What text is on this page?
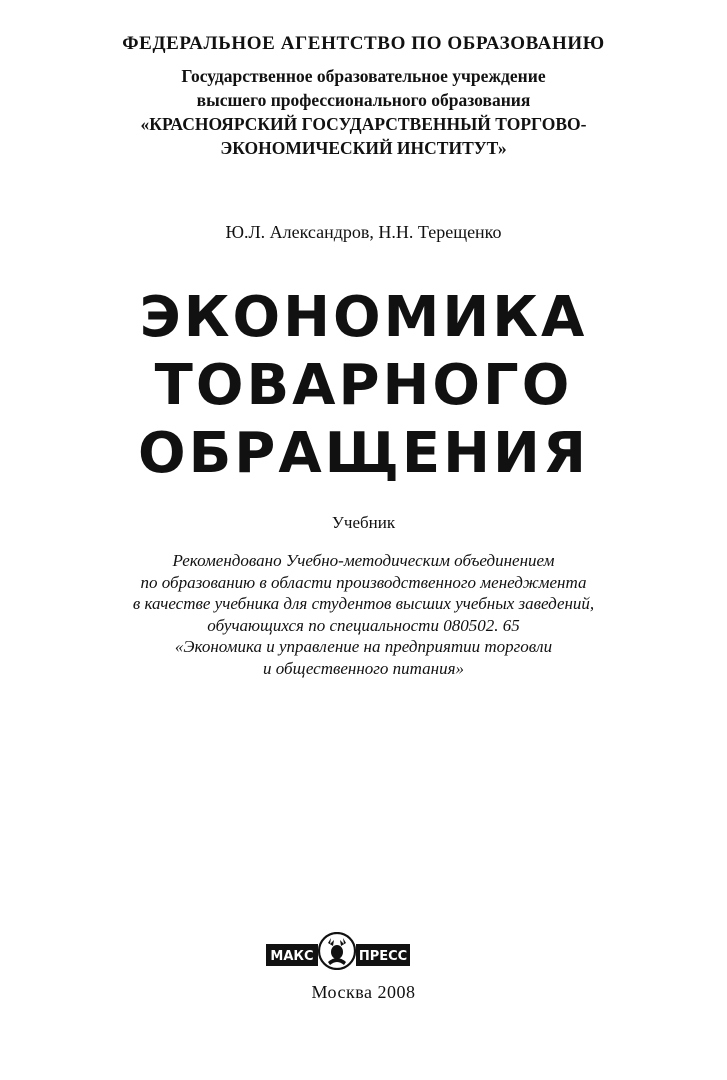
ФЕДЕРАЛЬНОЕ АГЕНТСТВО ПО ОБРАЗОВАНИЮ
Государственное образовательное учреждение
высшего профессионального образования
«КРАСНОЯРСКИЙ ГОСУДАРСТВЕННЫЙ ТОРГОВО-
ЭКОНОМИЧЕСКИЙ ИНСТИТУТ»
Ю.Л. Александров, Н.Н. Терещенко
ЭКОНОМИКА
ТОВАРНОГО
ОБРАЩЕНИЯ
Учебник
Рекомендовано Учебно-методическим объединением
по образованию в области производственного менеджмента
в качестве учебника для студентов высших учебных заведений,
обучающихся по специальности 080502. 65
«Экономика и управление на предприятии торговли
и общественного питания»
МАКС	ПРЕСС
Москва 2008
